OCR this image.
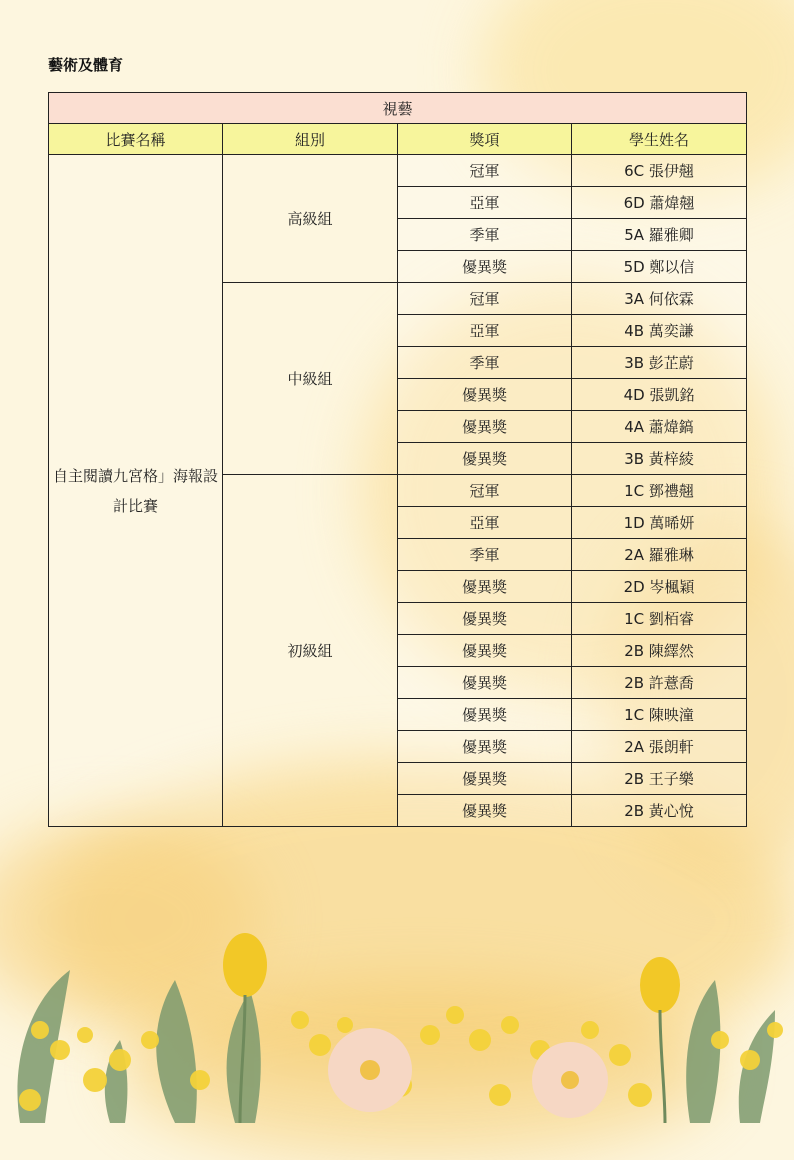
藝術及體育
視藝			
比賽名稱	組別	獎項	學生姓名
自主閱讀九宮格」海報設計比賽	高級組	冠軍	6C 張伊翹
		亞軍	6D 蕭煒翹
		季軍	5A 羅雅卿
		優異獎	5D 鄭以信
	中級組	冠軍	3A 何依霖
		亞軍	4B 萬奕謙
		季軍	3B 彭芷蔚
		優異獎	4D 張凱銘
		優異獎	4A 蕭煒鎬
		優異獎	3B 黃梓綾
	初級組	冠軍	1C 鄧禮翹
		亞軍	1D 萬晞妍
		季軍	2A 羅雅琳
		優異獎	2D 岑楓穎
		優異獎	1C 劉栢睿
		優異獎	2B 陳繹然
		優異獎	2B 許薏喬
		優異獎	1C 陳映潼
		優異獎	2A 張朗軒
		優異獎	2B 王子樂
		優異獎	2B 黃心悅
